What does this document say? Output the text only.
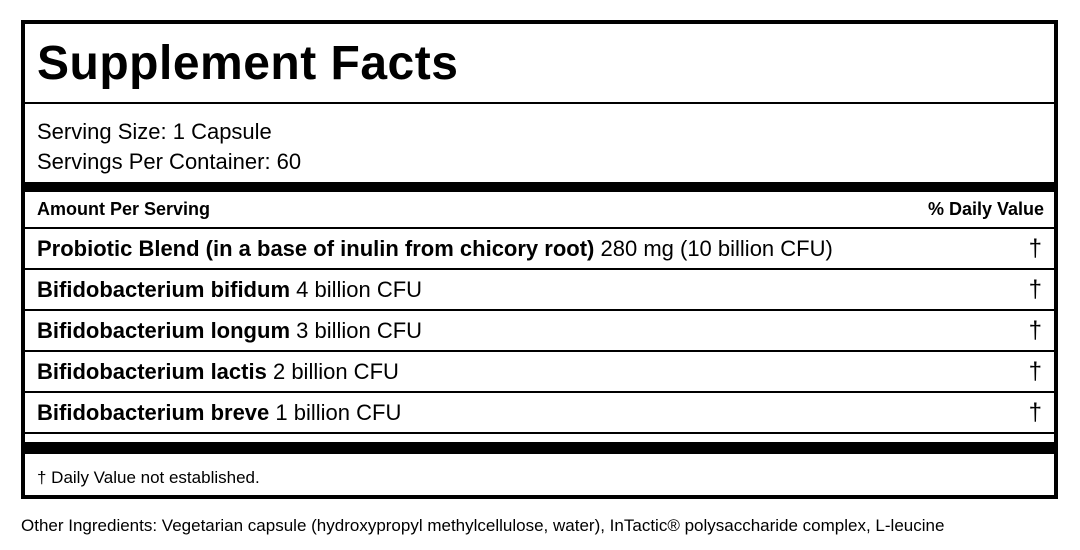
Supplement Facts
Serving Size: 1 Capsule
Servings Per Container: 60
Amount Per Serving	% Daily Value
Probiotic Blend (in a base of inulin from chicory root) 280 mg (10 billion CFU)	†
Bifidobacterium bifidum 4 billion CFU	†
Bifidobacterium longum 3 billion CFU	†
Bifidobacterium lactis 2 billion CFU	†
Bifidobacterium breve 1 billion CFU	†
† Daily Value not established.
Other Ingredients: Vegetarian capsule (hydroxypropyl methylcellulose, water), InTactic® polysaccharide complex, L-leucine
